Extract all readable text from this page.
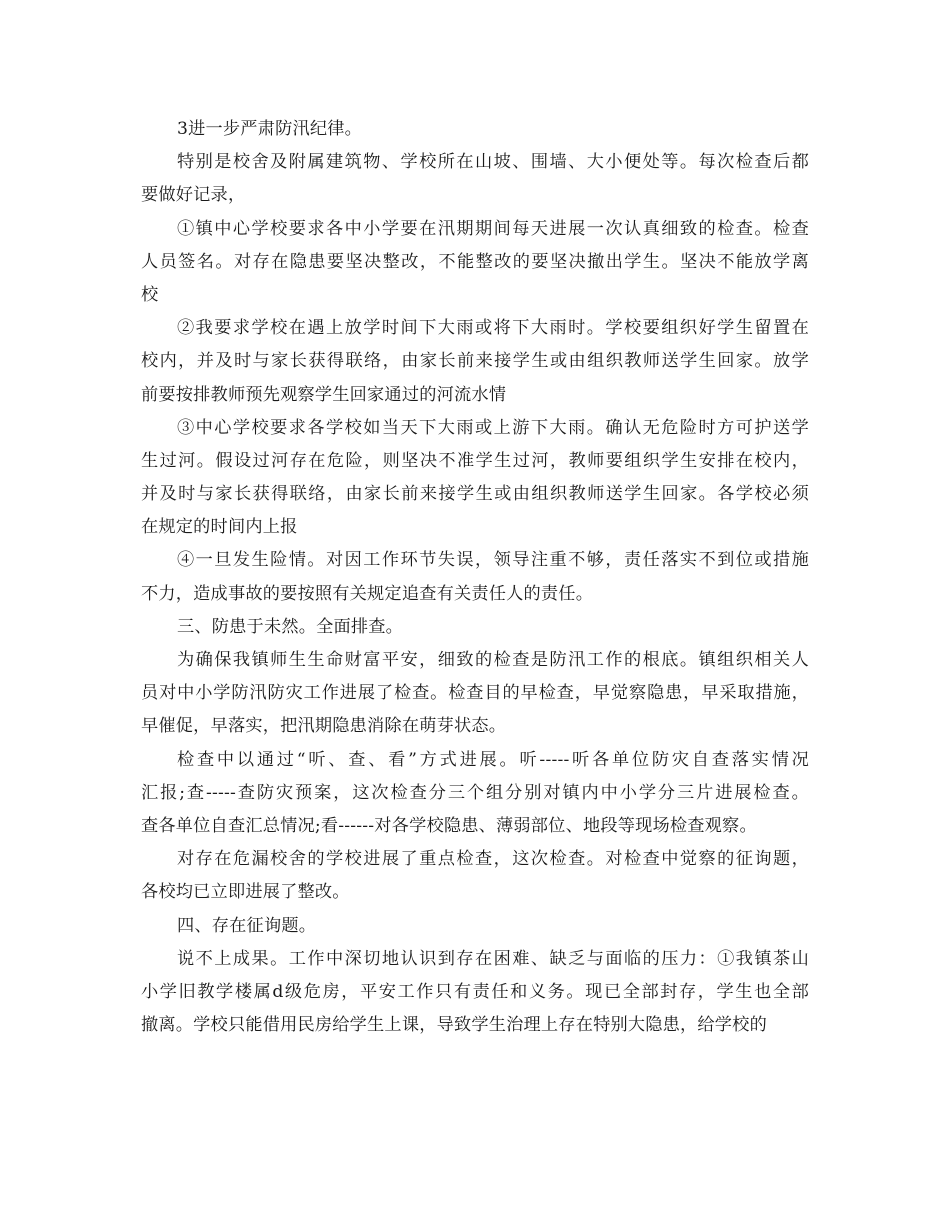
3进一步严肃防汛纪律。

特别是校舍及附属建筑物、学校所在山坡、围墙、大小便处等。每次检查后都
要做好记录，

①镇中心学校要求各中小学要在汛期期间每天进展一次认真细致的检查。检查
人员签名。对存在隐患要坚决整改，不能整改的要坚决撤出学生。坚决不能放学离
校

②我要求学校在遇上放学时间下大雨或将下大雨时。学校要组织好学生留置在
校内，并及时与家长获得联络，由家长前来接学生或由组织教师送学生回家。放学
前要按排教师预先观察学生回家通过的河流水情

③中心学校要求各学校如当天下大雨或上游下大雨。确认无危险时方可护送学
生过河。假设过河存在危险，则坚决不准学生过河，教师要组织学生安排在校内，
并及时与家长获得联络，由家长前来接学生或由组织教师送学生回家。各学校必须
在规定的时间内上报

④一旦发生险情。对因工作环节失误，领导注重不够，责任落实不到位或措施
不力，造成事故的要按照有关规定追查有关责任人的责任。

三、防患于未然。全面排查。

为确保我镇师生生命财富平安，细致的检查是防汛工作的根底。镇组织相关人
员对中小学防汛防灾工作进展了检查。检查目的早检查，早觉察隐患，早采取措施，
早催促，早落实，把汛期隐患消除在萌芽状态。

检查中以通过“听、查、看”方式进展。听-----听各单位防灾自查落实情况
汇报;查-----查防灾预案，这次检查分三个组分别对镇内中小学分三片进展检查。
查各单位自查汇总情况;看------对各学校隐患、薄弱部位、地段等现场检查观察。

对存在危漏校舍的学校进展了重点检查，这次检查。对检查中觉察的征询题，
各校均已立即进展了整改。

四、存在征询题。

说不上成果。工作中深切地认识到存在困难、缺乏与面临的压力：①我镇茶山
小学旧教学楼属d级危房，平安工作只有责任和义务。现已全部封存，学生也全部
撤离。学校只能借用民房给学生上课，导致学生治理上存在特别大隐患，给学校的
